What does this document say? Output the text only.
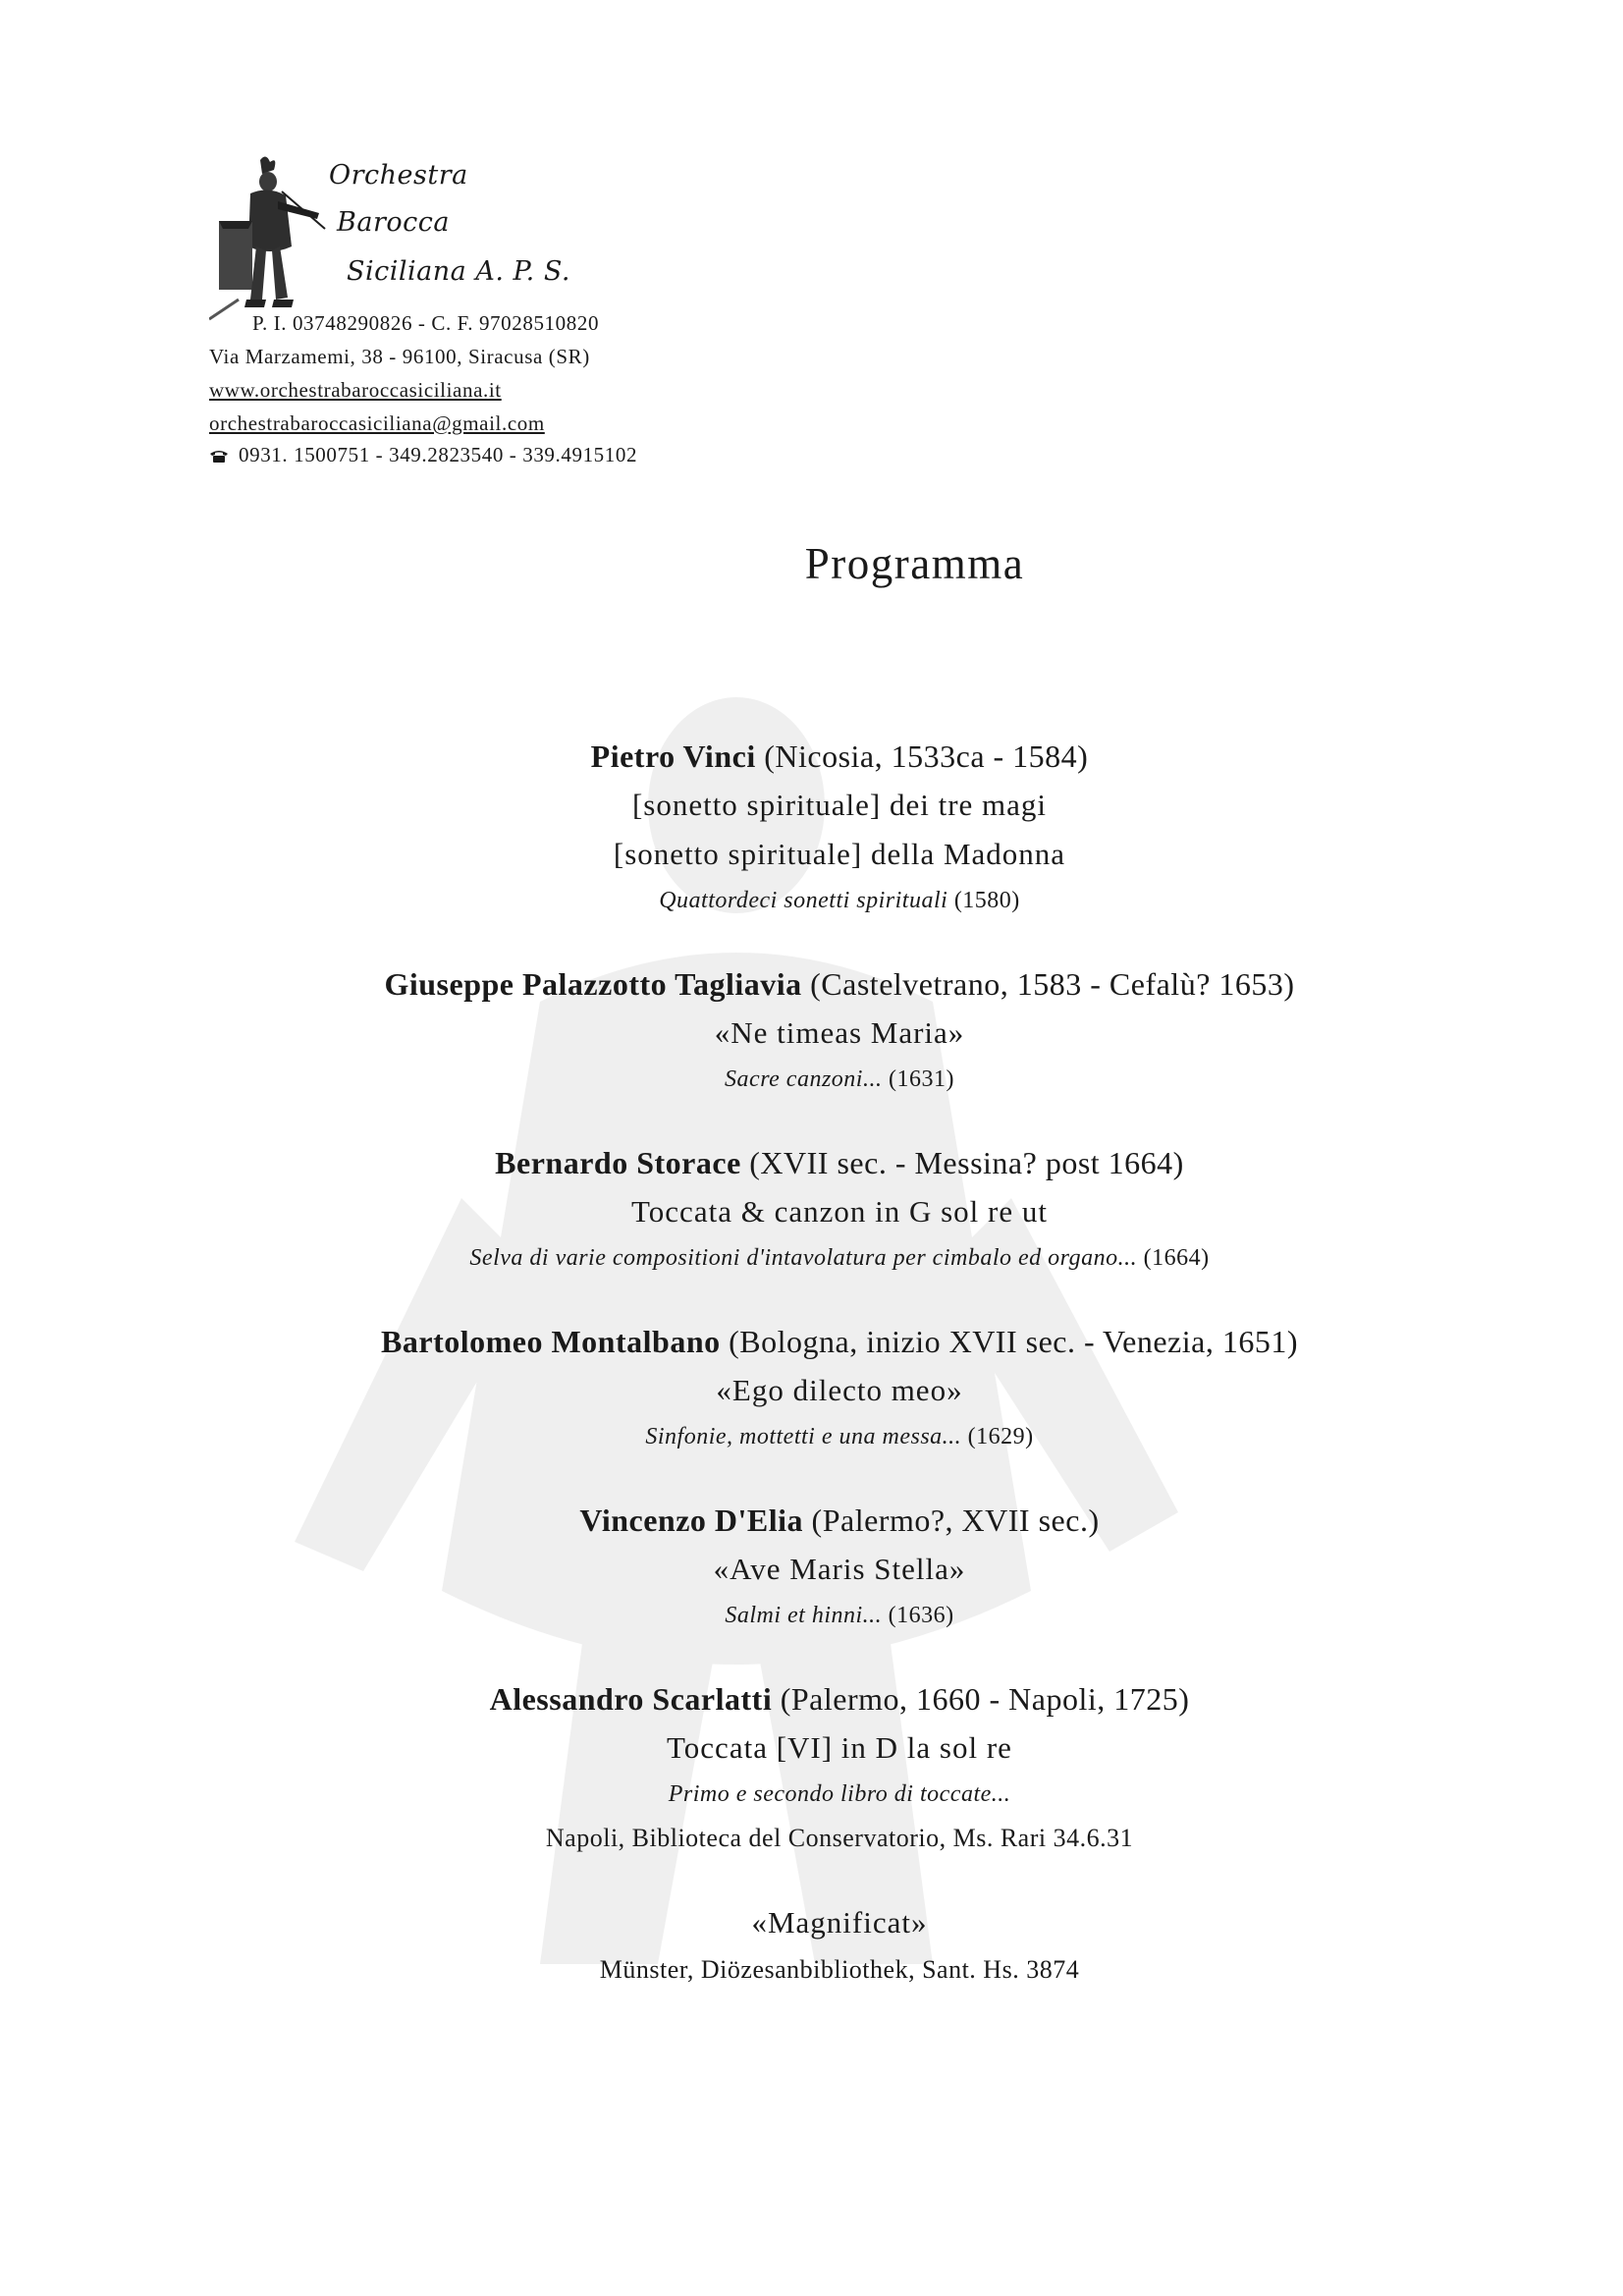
Orchestra
Barocca
Siciliana A. P. S.
P. I. 03748290826 - C. F. 97028510820
Via Marzamemi, 38 - 96100, Siracusa (SR)
www.orchestrabaroccasiciliana.it
orchestrabaroccasiciliana@gmail.com
0931. 1500751 - 349.2823540 - 339.4915102
Programma
Pietro Vinci (Nicosia, 1533ca - 1584)
[sonetto spirituale] dei tre magi
[sonetto spirituale] della Madonna
Quattordeci sonetti spirituali (1580)
Giuseppe Palazzotto Tagliavia (Castelvetrano, 1583 - Cefalù? 1653)
«Ne timeas Maria»
Sacre canzoni... (1631)
Bernardo Storace (XVII sec. - Messina? post 1664)
Toccata & canzon in G sol re ut
Selva di varie compositioni d'intavolatura per cimbalo ed organo... (1664)
Bartolomeo Montalbano (Bologna, inizio XVII sec. - Venezia, 1651)
«Ego dilecto meo»
Sinfonie, mottetti e una messa... (1629)
Vincenzo D'Elia (Palermo?, XVII sec.)
«Ave Maris Stella»
Salmi et hinni... (1636)
Alessandro Scarlatti (Palermo, 1660 - Napoli, 1725)
Toccata [VI] in D la sol re
Primo e secondo libro di toccate...
Napoli, Biblioteca del Conservatorio, Ms. Rari 34.6.31
«Magnificat»
Münster, Diözesanbibliothek, Sant. Hs. 3874
